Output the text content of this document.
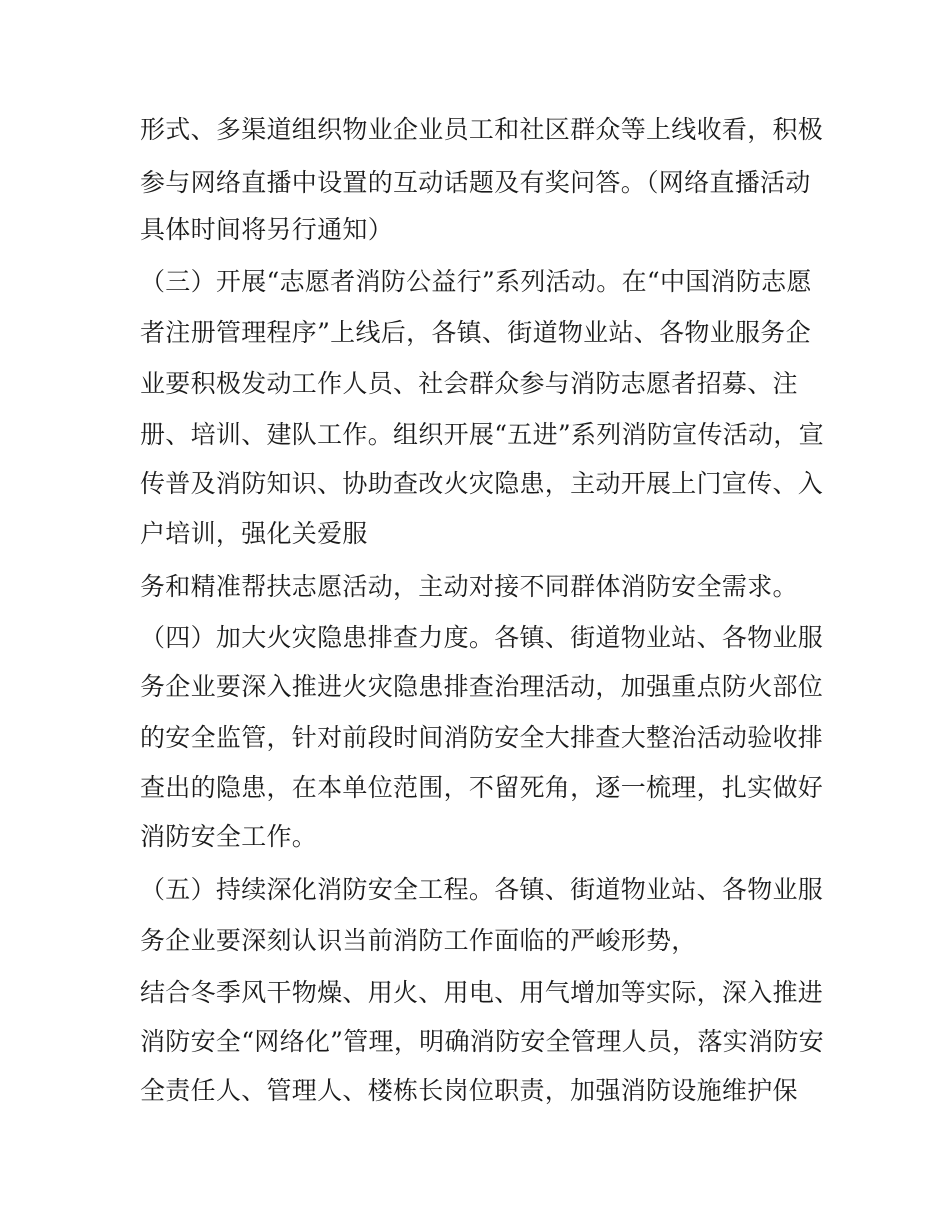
形式、多渠道组织物业企业员工和社区群众等上线收看，积极
参与网络直播中设置的互动话题及有奖问答。（网络直播活动
具体时间将另行通知）
（三）开展“志愿者消防公益行”系列活动。在“中国消防志愿
者注册管理程序”上线后，各镇、街道物业站、各物业服务企
业要积极发动工作人员、社会群众参与消防志愿者招募、注
册、培训、建队工作。组织开展“五进”系列消防宣传活动，宣
传普及消防知识、协助查改火灾隐患，主动开展上门宣传、入
户培训，强化关爱服
务和精准帮扶志愿活动，主动对接不同群体消防安全需求。
（四）加大火灾隐患排查力度。各镇、街道物业站、各物业服
务企业要深入推进火灾隐患排查治理活动，加强重点防火部位
的安全监管，针对前段时间消防安全大排查大整治活动验收排
查出的隐患，在本单位范围，不留死角，逐一梳理，扎实做好
消防安全工作。
（五）持续深化消防安全工程。各镇、街道物业站、各物业服
务企业要深刻认识当前消防工作面临的严峻形势，
结合冬季风干物燥、用火、用电、用气增加等实际，深入推进
消防安全“网络化”管理，明确消防安全管理人员，落实消防安
全责任人、管理人、楼栋长岗位职责，加强消防设施维护保
